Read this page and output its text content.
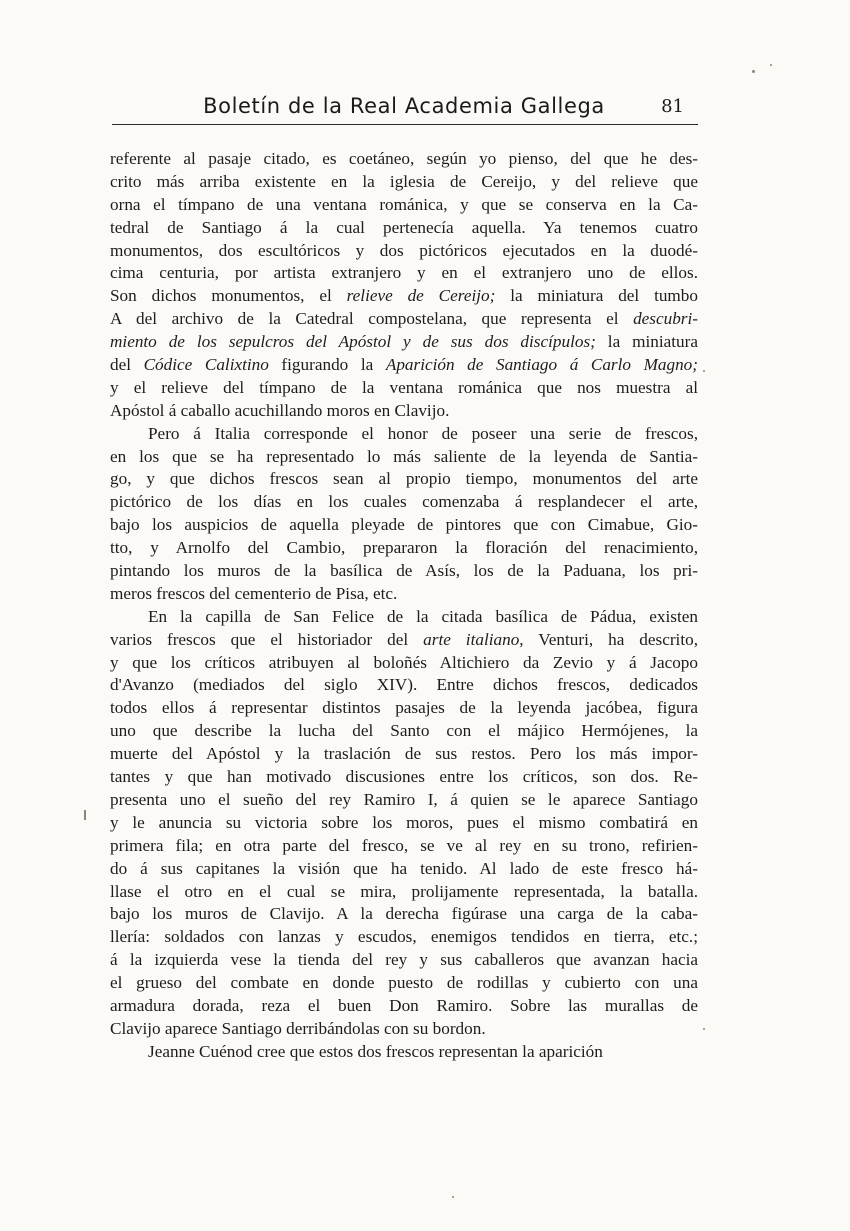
Boletín de la Real Academia Gallega	81
referente al pasaje citado, es coetáneo, según yo pienso, del que he des-
crito más arriba existente en la iglesia de Cereijo, y del relieve que
orna el tímpano de una ventana románica, y que se conserva en la Ca-
tedral de Santiago á la cual pertenecía aquella. Ya tenemos cuatro
monumentos, dos escultóricos y dos pictóricos ejecutados en la duodé-
cima centuria, por artista extranjero y en el extranjero uno de ellos.
Son dichos monumentos, el relieve de Cereijo; la miniatura del tumbo
A del archivo de la Catedral compostelana, que representa el descubri-
miento de los sepulcros del Apóstol y de sus dos discípulos; la miniatura
del Códice Calixtino figurando la Aparición de Santiago á Carlo Magno;
y el relieve del tímpano de la ventana románica que nos muestra al
Apóstol á caballo acuchillando moros en Clavijo.
Pero á Italia corresponde el honor de poseer una serie de frescos,
en los que se ha representado lo más saliente de la leyenda de Santia-
go, y que dichos frescos sean al propio tiempo, monumentos del arte
pictórico de los días en los cuales comenzaba á resplandecer el arte,
bajo los auspicios de aquella pleyade de pintores que con Cimabue, Gio-
tto, y Arnolfo del Cambio, prepararon la floración del renacimiento,
pintando los muros de la basílica de Asís, los de la Paduana, los pri-
meros frescos del cementerio de Pisa, etc.
En la capilla de San Felice de la citada basílica de Pádua, existen
varios frescos que el historiador del arte italiano, Venturi, ha descrito,
y que los críticos atribuyen al boloñés Altichiero da Zevio y á Jacopo
d'Avanzo (mediados del siglo XIV). Entre dichos frescos, dedicados
todos ellos á representar distintos pasajes de la leyenda jacóbea, figura
uno que describe la lucha del Santo con el májico Hermójenes, la
muerte del Apóstol y la traslación de sus restos. Pero los más impor-
tantes y que han motivado discusiones entre los críticos, son dos. Re-
presenta uno el sueño del rey Ramiro I, á quien se le aparece Santiago
y le anuncia su victoria sobre los moros, pues el mismo combatirá en
primera fila; en otra parte del fresco, se ve al rey en su trono, refirien-
do á sus capitanes la visión que ha tenido. Al lado de este fresco há-
llase el otro en el cual se mira, prolijamente representada, la batalla.
bajo los muros de Clavijo. A la derecha figúrase una carga de la caba-
llería: soldados con lanzas y escudos, enemigos tendidos en tierra, etc.;
á la izquierda vese la tienda del rey y sus caballeros que avanzan hacia
el grueso del combate en donde puesto de rodillas y cubierto con una
armadura dorada, reza el buen Don Ramiro. Sobre las murallas de
Clavijo aparece Santiago derribándolas con su bordon.
Jeanne Cuénod cree que estos dos frescos representan la aparición
